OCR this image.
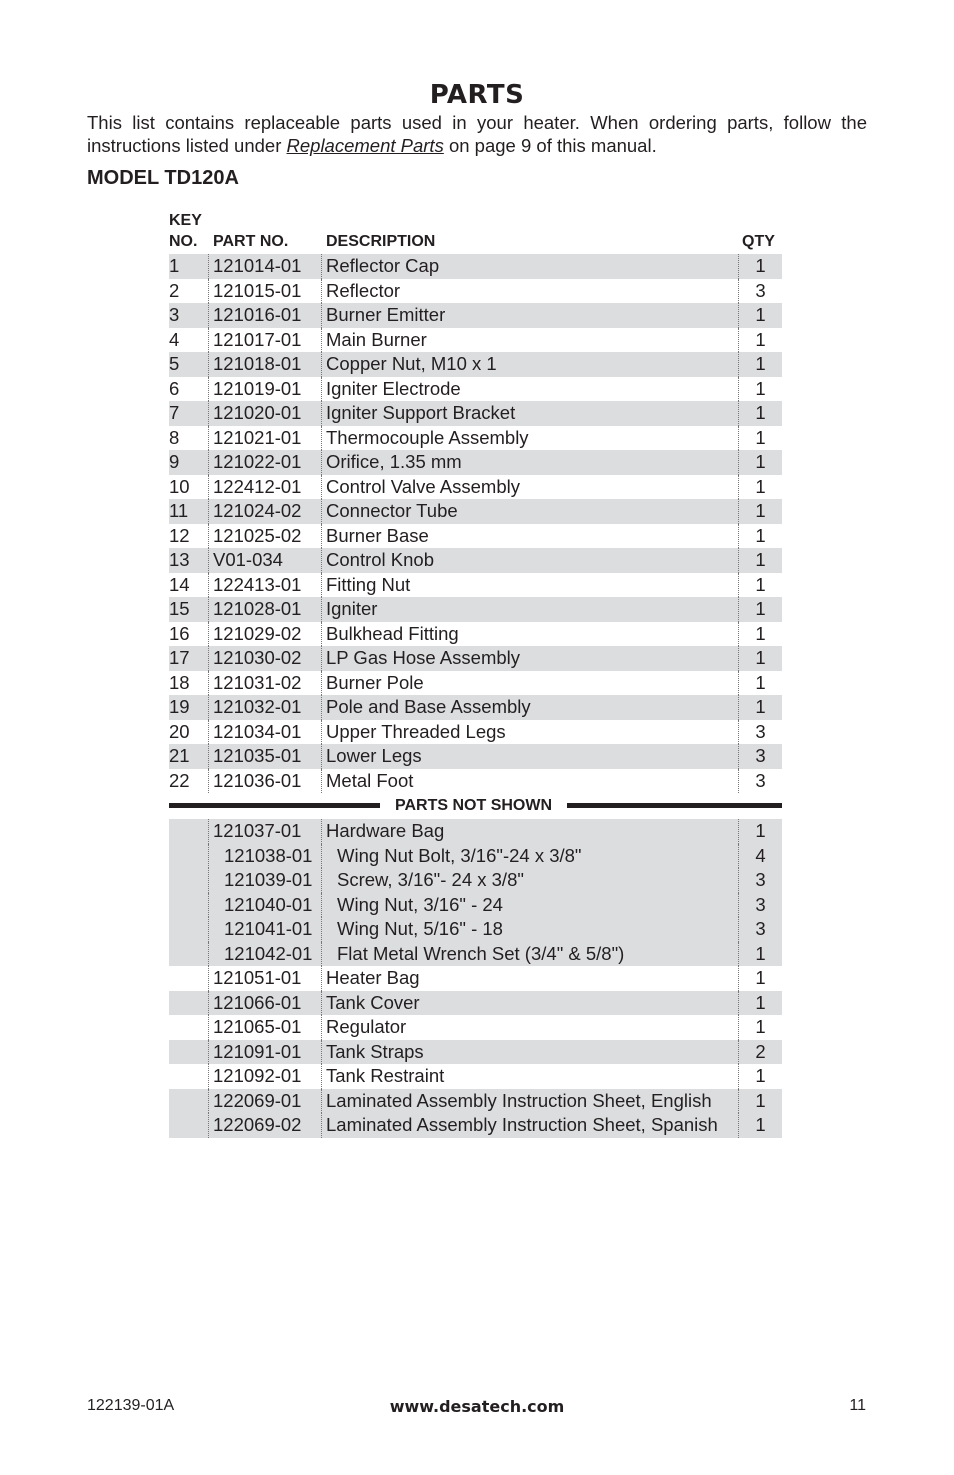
PARTS
This list contains replaceable parts used in your heater. When ordering parts, follow the instructions listed under Replacement Parts on page 9 of this manual.
MODEL TD120A
KEY
NO. PART NO. DESCRIPTION	QTY
1	121014-01 Reflector Cap	1
2	121015-01 Reflector	3
3	121016-01 Burner Emitter	1
4	121017-01 Main Burner	1
5	121018-01 Copper Nut, M10 x 1	1
6	121019-01 Igniter Electrode	1
7	121020-01 Igniter Support Bracket	1
8	121021-01 Thermocouple Assembly	1
9	121022-01 Orifice, 1.35 mm	1
10	122412-01 Control Valve Assembly	1
11	121024-02 Connector Tube	1
12	121025-02 Burner Base	1
13	V01-034 Control Knob	1
14	122413-01 Fitting Nut	1
15	121028-01 Igniter	1
16	121029-02 Bulkhead Fitting	1
17	121030-02 LP Gas Hose Assembly	1
18	121031-02 Burner Pole	1
19	121032-01 Pole and Base Assembly	1
20	121034-01 Upper Threaded Legs	3
21	121035-01 Lower Legs	3
22	121036-01 Metal Foot	3
PARTS NOT SHOWN
121037-01 Hardware Bag	1
121038-01 Wing Nut Bolt, 3/16"-24 x 3/8"	4
121039-01 Screw, 3/16"- 24 x 3/8"	3
121040-01 Wing Nut, 3/16" - 24	3
121041-01 Wing Nut, 5/16" - 18	3
121042-01 Flat Metal Wrench Set (3/4" & 5/8")	1
121051-01 Heater Bag	1
121066-01 Tank Cover	1
121065-01 Regulator	1
121091-01 Tank Straps	2
121092-01 Tank Restraint	1
122069-01 Laminated Assembly Instruction Sheet, English	1
122069-02 Laminated Assembly Instruction Sheet, Spanish	1
122139-01A	www.desatech.com	11
